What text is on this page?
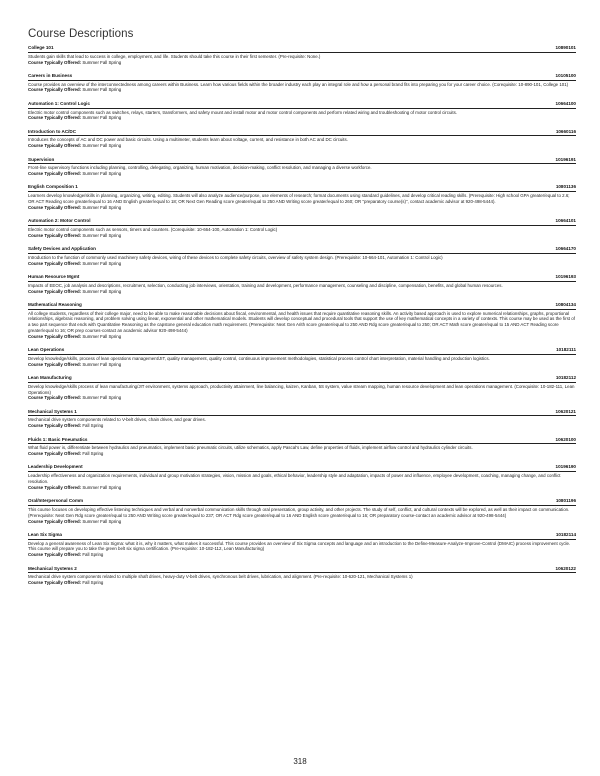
Course Descriptions
College 101	10890101

Students gain skills that lead to success in college, employment, and life. Students should take this course in their first semester. (Pre-requisite: None.)

Course Typically Offered: Summer Fall Spring

Careers in Business	10105100

Course provides an overview of the interconnectedness among careers within Business. Learn how various fields within the broader industry each play an integral role and how a personal brand fits into preparing you for your career choice. (Corequisite: 10-890-101, College 101)

Course Typically Offered: Summer Fall Spring

Automation 1: Control Logic	10664100

Electric motor control components such as switches, relays, starters, transformers, and safety mount and install motor and motor control components and perform related wiring and troubleshooting of motor control circuits.

Course Typically Offered: Summer Fall Spring

Introduction to AC/DC	10660116

Introduces the concepts of AC and DC power and basic circuits. Using a multimeter, students learn about voltage, current, and resistance in both AC and DC circuits.

Course Typically Offered: Summer Fall Spring

Supervision	10196191

Front-line supervisory functions including planning, controlling, delegating, organizing, human motivation, decision-making, conflict resolution, and managing a diverse workforce.

Course Typically Offered: Summer Fall Spring

English Composition 1	10801136

Learners develop knowledge/skills in planning, organizing, writing, editing. Students will also analyze audience/purpose, use elements of research; format documents using standard guidelines, and develop critical reading skills. (Prerequisite: High school GPA greater/equal to 2.6; OR ACT Reading score greater/equal to 16 AND English greater/equal to 18; OR Next Gen Reading score greater/equal to 250 AND Writing score greater/equal to 260; OR "preparatory course(s)", contact academic advisor at 920-498-5444).

Course Typically Offered: Summer Fall Spring

Automation 2: Motor Control	10664101

Electric motor control components such as sensors, timers and counters. (Corequisite: 10-664-100, Automation 1: Control Logic)

Course Typically Offered: Summer Fall Spring

Safety Devices and Application	10664170

Introduction to the function of commonly used machinery safety devices, wiring of these devices to complete safety circuits, overview of safety system design. (Prerequisite: 10-664-101, Automation 1: Control Logic)

Course Typically Offered: Summer Fall Spring

Human Resource Mgmt	10196193

Impacts of EEOC, job analysis and descriptions, recruitment, selection, conducting job interviews, orientation, training and development, performance management, counseling and discipline, compensation, benefits, and global human resources.

Course Typically Offered: Summer Fall Spring

Mathematical Reasoning	10804134

All college students, regardless of their college major, need to be able to make reasonable decisions about fiscal, environmental, and health issues that require quantitative reasoning skills. An activity based approach is used to explore numerical relationships, graphs, proportional relationships, algebraic reasoning, and problem solving using linear, exponential and other mathematical models. Students will develop conceptual and procedural tools that support the use of key mathematical concepts in a variety of contexts. This course may be used as the first of a two part sequence that ends with Quantitative Reasoning as the capstone general education math requirement. (Prerequisite: Next Gen Arith score greater/equal to 250 AND Rdg score greater/equal to 250; OR ACT Math score greater/equal to 15 AND ACT Reading score greater/equal to 16; OR prep courses-contact an academic advisor 920-498-5444)

Course Typically Offered: Summer Fall Spring

Lean Operations	10182111

Develop knowledge/skills, process of lean operations management/JIT, quality management, quality control, continuous improvement methodologies, statistical process control chart interpretation, material handling and production logistics.

Course Typically Offered: Summer Fall Spring

Lean Manufacturing	10182112

Develop knowledge/skills process of lean manufacturing/JIT environment, systems approach, productivity attainment, line balancing, kaizen, Kanban, 5S system, value stream mapping, human resource development and lean operations management. (Corequisite: 10-182-111, Lean Operations)

Course Typically Offered: Summer Fall Spring

Mechanical Systems 1	10620121

Mechanical drive system components related to V-belt drives, chain drives, and gear drives.

Course Typically Offered: Fall Spring

Fluids 1: Basic Pneumatics	10620100

What fluid power is, differentiate between hydraulics and pneumatics, implement basic pneumatic circuits, utilize schematics, apply Pascal's Law, define properties of fluids, implement airflow control and hydraulics cylinder circuits.

Course Typically Offered: Fall Spring

Leadership Development	10196190

Leadership effectiveness and organization requirements, individual and group motivation strategies, vision, mission and goals, ethical behavior, leadership style and adaptation, impacts of power and influence, employee development, coaching, managing change, and conflict resolution.

Course Typically Offered: Summer Fall Spring

Oral/Interpersonal Comm	10801196

This course focuses on developing effective listening techniques and verbal and nonverbal communication skills through oral presentation, group activity, and other projects. The study of self, conflict, and cultural contexts will be explored, as well as their impact on communication. (Prerequisite: Next Gen Rdg score greater/equal to 250 AND Writing score greater/equal to 237; OR ACT Rdg score greater/equal to 16 AND English score greater/equal to 16; OR preparatory course-contact an academic advisor at 920-498-5444)

Course Typically Offered: Summer Fall Spring

Lean Six Sigma	10182114

Develop a general awareness of Lean Six Sigma: what it is, why it matters, what makes it successful. This course provides an overview of Six Sigma concepts and language and an introduction to the Define-Measure-Analyze-Improve-Control (DMAIC) process improvement cycle. This course will prepare you to take the green belt six sigma certification. (Pre-requisite: 10-182-112, Lean Manufacturing)

Course Typically Offered: Fall Spring

Mechanical Systems 2	10620122

Mechanical drive system components related to multiple shaft drives, heavy-duty V-belt drives, synchronous belt drives, lubrication, and alignment. (Pre-requisite: 10-620-121, Mechanical Systems 1)

Course Typically Offered: Fall Spring

318
